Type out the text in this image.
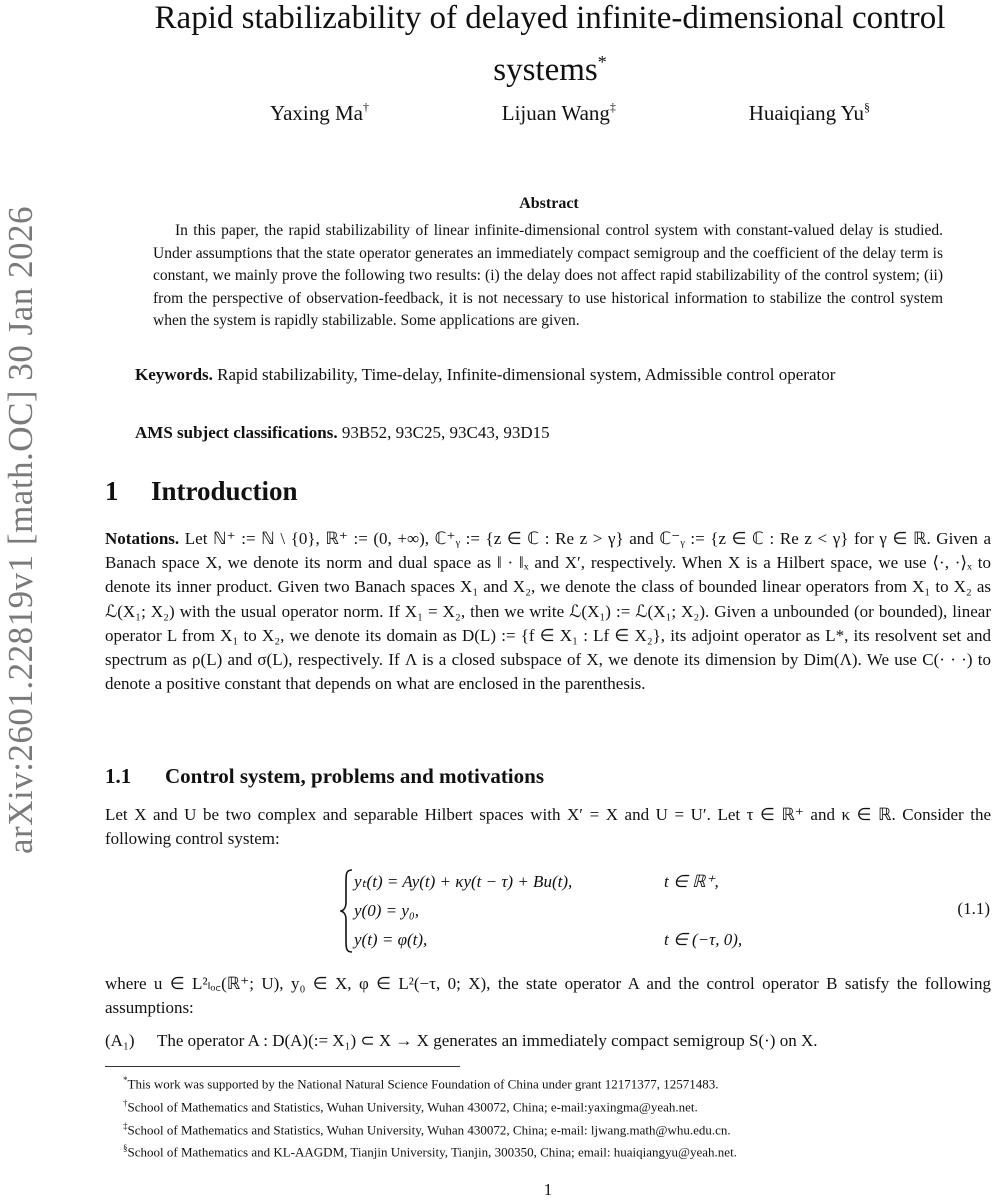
arXiv:2601.22819v1 [math.OC] 30 Jan 2026
Rapid stabilizability of delayed infinite-dimensional control
systems*
Yaxing Ma†	Lijuan Wang‡	Huaiqiang Yu§
Abstract

In this paper, the rapid stabilizability of linear infinite-dimensional control system with constant-valued delay is studied. Under assumptions that the state operator generates an immediately compact semigroup and the coefficient of the delay term is constant, we mainly prove the following two results: (i) the delay does not affect rapid stabilizability of the control system; (ii) from the perspective of observation-feedback, it is not necessary to use historical information to stabilize the control system when the system is rapidly stabilizable. Some applications are given.

Keywords. Rapid stabilizability, Time-delay, Infinite-dimensional system, Admissible control operator

AMS subject classifications. 93B52, 93C25, 93C43, 93D15

1 Introduction

Notations. Let ℕ⁺ := ℕ \ {0}, ℝ⁺ := (0, +∞), ℂ⁺ᵧ := {z ∈ ℂ : Re z > γ} and ℂ⁻ᵧ := {z ∈ ℂ : Re z < γ} for γ ∈ ℝ. Given a Banach space X, we denote its norm and dual space as ‖ · ‖ₓ and X′, respectively. When X is a Hilbert space, we use ⟨·, ·⟩ₓ to denote its inner product. Given two Banach spaces X₁ and X₂, we denote the class of bounded linear operators from X₁ to X₂ as ℒ(X₁; X₂) with the usual operator norm. If X₁ = X₂, then we write ℒ(X₁) := ℒ(X₁; X₂). Given a unbounded (or bounded), linear operator L from X₁ to X₂, we denote its domain as D(L) := {f ∈ X₁ : Lf ∈ X₂}, its adjoint operator as L*, its resolvent set and spectrum as ρ(L) and σ(L), respectively. If Λ is a closed subspace of X, we denote its dimension by Dim(Λ). We use C(· · ·) to denote a positive constant that depends on what are enclosed in the parenthesis.

1.1 Control system, problems and motivations

Let X and U be two complex and separable Hilbert spaces with X′ = X and U = U′. Let τ ∈ ℝ⁺ and κ ∈ ℝ. Consider the following control system:

yₜ(t) = Ay(t) + κy(t − τ) + Bu(t),	t ∈ ℝ⁺,
y(0) = y₀,
y(t) = φ(t),	t ∈ (−τ, 0),
(1.1)

where u ∈ L²ₗₒ꜀(ℝ⁺; U), y₀ ∈ X, φ ∈ L²(−τ, 0; X), the state operator A and the control operator B satisfy the following assumptions:

(A₁) The operator A : D(A)(:= X₁) ⊂ X → X generates an immediately compact semigroup S(·) on X.
*This work was supported by the National Natural Science Foundation of China under grant 12171377, 12571483.
†School of Mathematics and Statistics, Wuhan University, Wuhan 430072, China; e-mail:yaxingma@yeah.net.
‡School of Mathematics and Statistics, Wuhan University, Wuhan 430072, China; e-mail: ljwang.math@whu.edu.cn.
§School of Mathematics and KL-AAGDM, Tianjin University, Tianjin, 300350, China; email: huaiqiangyu@yeah.net.
1
